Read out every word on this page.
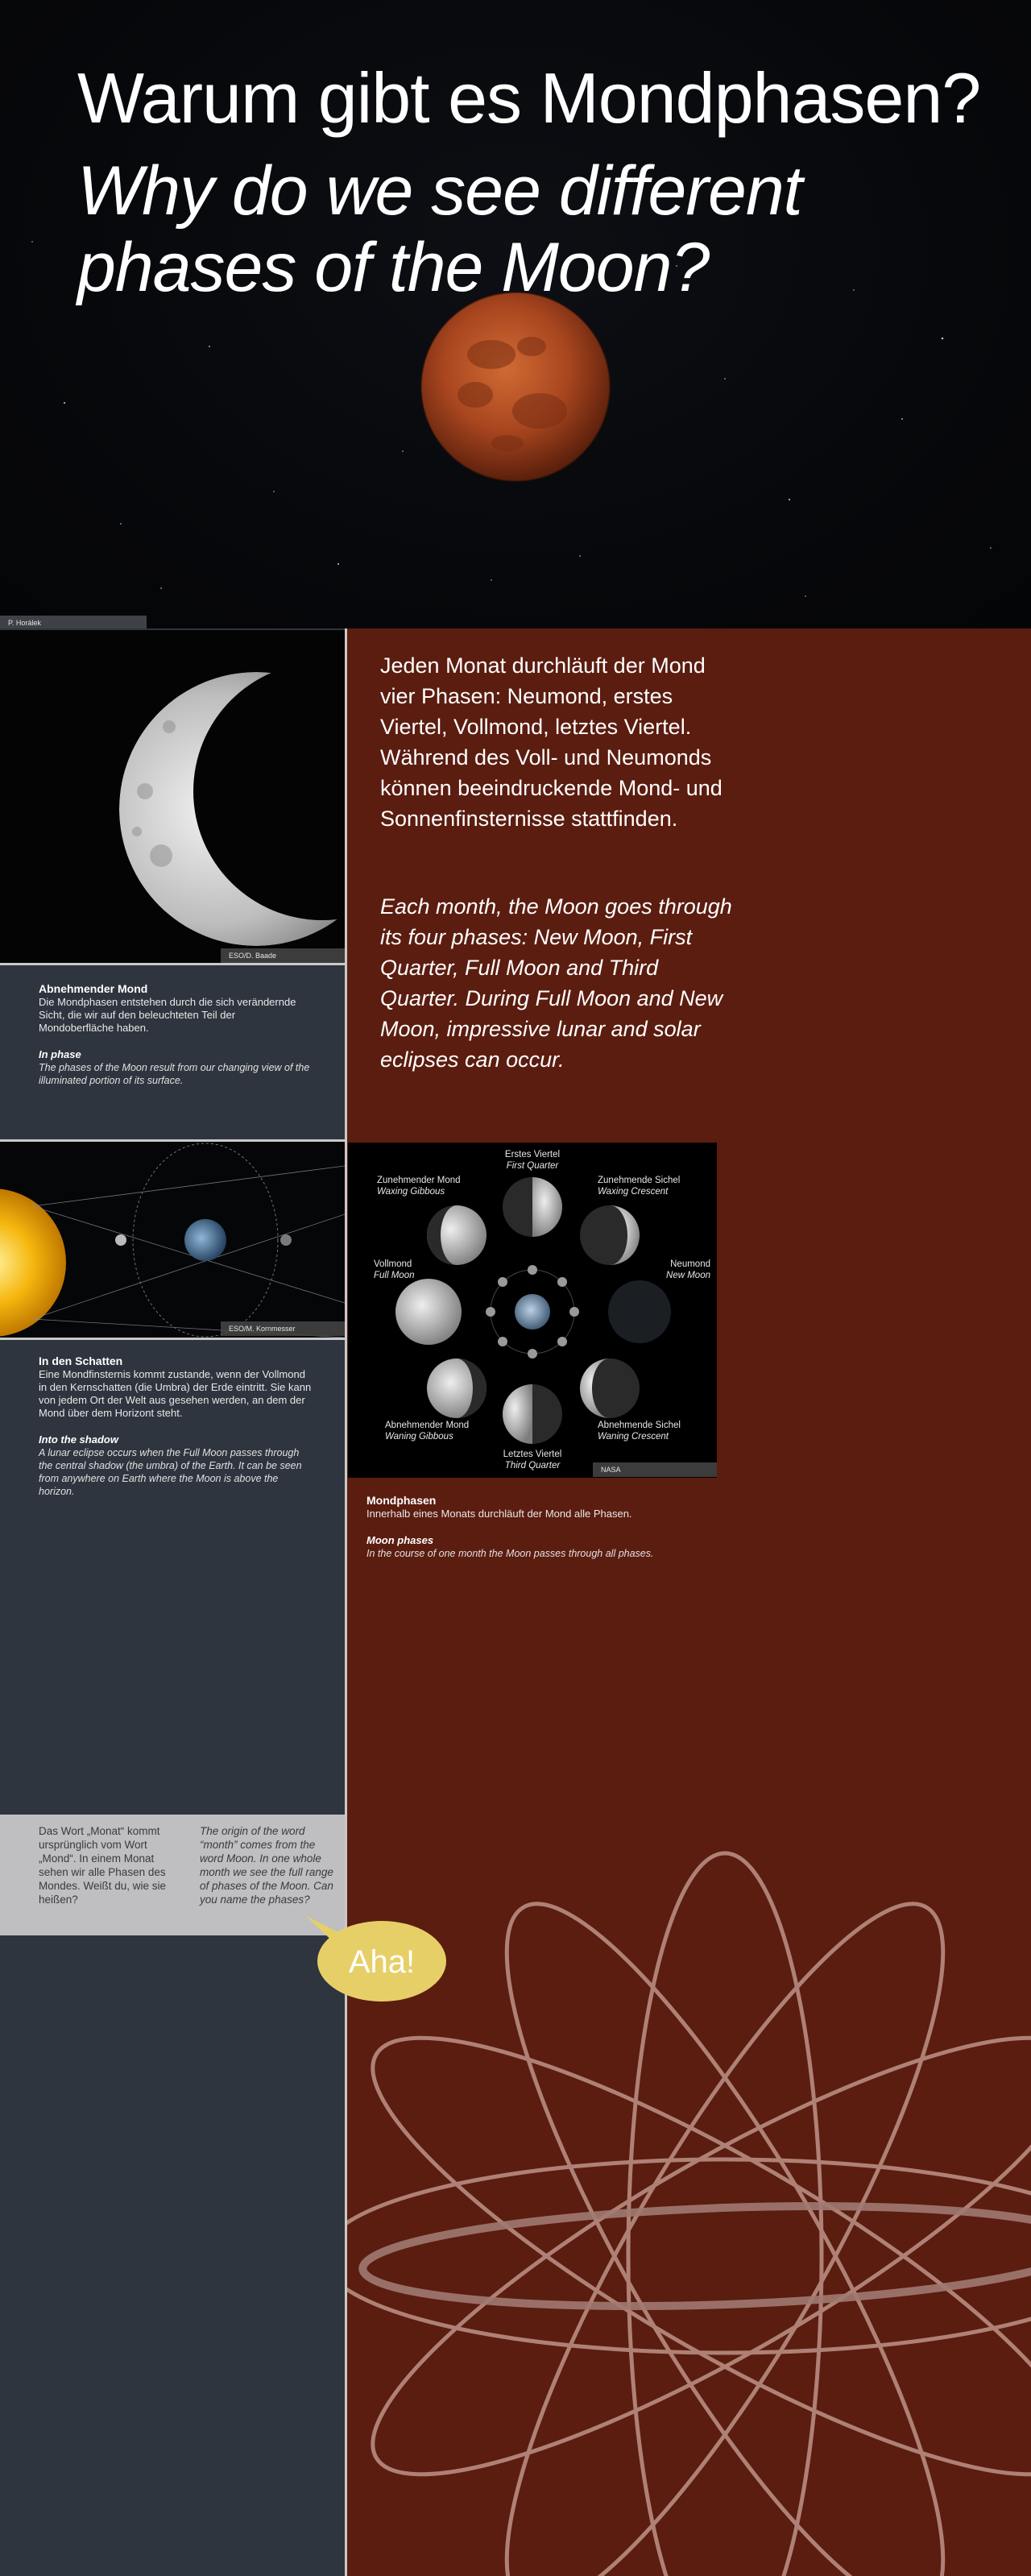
Warum gibt es Mondphasen?
Why do we see different phases of the Moon?
P. Horálek
ESO/D. Baade
Abnehmender Mond
Die Mondphasen entstehen durch die sich verändernde Sicht, die wir auf den beleuchteten Teil der Mondoberfläche haben.
In phase
The phases of the Moon result from our changing view of the illuminated portion of its surface.
ESO/M. Kornmesser
In den Schatten
Eine Mondfinsternis kommt zustande, wenn der Vollmond in den Kernschatten (die Umbra) der Erde eintritt. Sie kann von jedem Ort der Welt aus gesehen werden, an dem der Mond über dem Horizont steht.
Into the shadow
A lunar eclipse occurs when the Full Moon passes through the central shadow (the umbra) of the Earth. It can be seen from anywhere on Earth where the Moon is above the horizon.
Das Wort „Monat“ kommt ursprünglich vom Wort „Mond“. In einem Monat sehen wir alle Phasen des Mondes. Weißt du, wie sie heißen?
The origin of the word “month” comes from the word Moon. In one whole month we see the full range of phases of the Moon. Can you name the phases?
Aha!
Jeden Monat durchläuft der Mond vier Phasen: Neumond, erstes Viertel, Vollmond, letztes Viertel. Während des Voll- und Neumonds können beeindruckende Mond- und Sonnenfinsternisse stattfinden.
Each month, the Moon goes through its four phases: New Moon, First Quarter, Full Moon and Third Quarter. During Full Moon and New Moon, impressive lunar and solar eclipses can occur.
Erstes Viertel
First Quarter
Zunehmender Mond
Waxing Gibbous
Zunehmende Sichel
Waxing Crescent
Vollmond
Full Moon
Neumond
New Moon
Abnehmender Mond
Waning Gibbous
Abnehmende Sichel
Waning Crescent
Letztes Viertel
Third Quarter	NASA
Mondphasen
Innerhalb eines Monats durchläuft der Mond alle Phasen.
Moon phases
In the course of one month the Moon passes through all phases.
